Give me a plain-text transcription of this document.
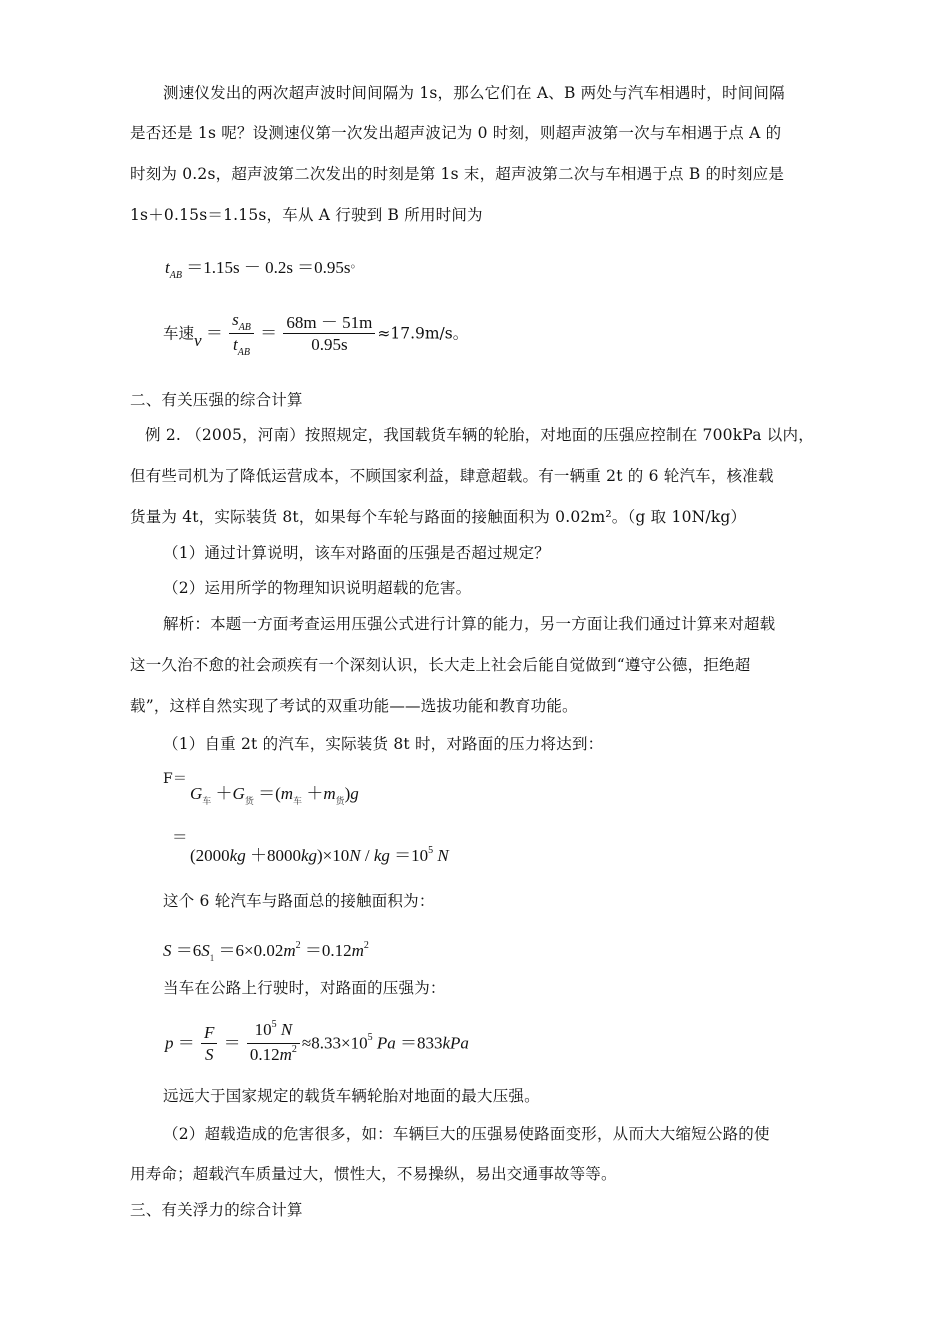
测速仪发出的两次超声波时间间隔为 1s，那么它们在 A、B 两处与汽车相遇时，时间间隔
是否还是 1s 呢？设测速仪第一次发出超声波记为 0 时刻，则超声波第一次与车相遇于点 A 的
时刻为 0.2s，超声波第二次发出的时刻是第 1s 末，超声波第二次与车相遇于点 B 的时刻应是
1s＋0.15s＝1.15s，车从 A 行驶到 B 所用时间为
$t_{AB} =1.15s - 0.2s =0.95s^。$
车速$v = \frac{s_{AB}}{t_{AB}} = \frac{68m - 51m}{0.95s} \approx 17.9m/s$。
二、有关压强的综合计算
例 2. （2005，河南）按照规定，我国载货车辆的轮胎，对地面的压强应控制在 700kPa 以内，
但有些司机为了降低运营成本，不顾国家利益，肆意超载。有一辆重 2t 的 6 轮汽车，核准载
货量为 4t，实际装货 8t，如果每个车轮与路面的接触面积为 0.02m²。（g 取 10N/kg）
（1）通过计算说明，该车对路面的压强是否超过规定？
（2）运用所学的物理知识说明超载的危害。
解析：本题一方面考查运用压强公式进行计算的能力，另一方面让我们通过计算来对超载
这一久治不愈的社会顽疾有一个深刻认识，长大走上社会后能自觉做到“遵守公德，拒绝超
载”，这样自然实现了考试的双重功能——选拔功能和教育功能。
（1）自重 2t 的汽车，实际装货 8t 时，对路面的压力将达到：
F＝
$G_车 +G_货 =(m_车 +m_货)g$
＝
(2000kg ＋8000kg)×10N / kg $=10^5$ N
这个 6 轮汽车与路面总的接触面积为：
$S =6S_1 =6\times 0.02m^2 =0.12m^2$
当车在公路上行驶时，对路面的压强为：
$p = \frac{F}{S} = \frac{10^5 N}{0.12m^2} \approx 8.33\times 10^5$ Pa ＝833kPa
远远大于国家规定的载货车辆轮胎对地面的最大压强。
（2）超载造成的危害很多，如：车辆巨大的压强易使路面变形，从而大大缩短公路的使
用寿命；超载汽车质量过大，惯性大，不易操纵，易出交通事故等等。
三、有关浮力的综合计算
